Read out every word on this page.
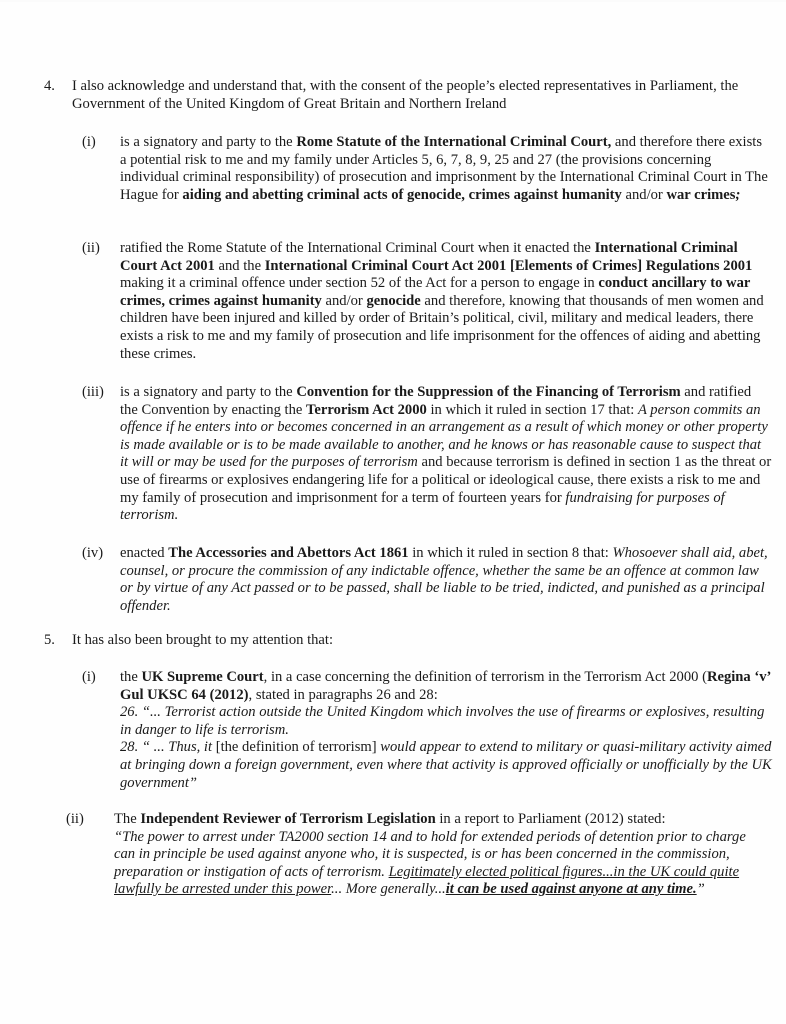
4. I also acknowledge and understand that, with the consent of the people’s elected representatives in Parliament, the Government of the United Kingdom of Great Britain and Northern Ireland
(i) is a signatory and party to the Rome Statute of the International Criminal Court, and therefore there exists a potential risk to me and my family under Articles 5, 6, 7, 8, 9, 25 and 27 (the provisions concerning individual criminal responsibility) of prosecution and imprisonment by the International Criminal Court in The Hague for aiding and abetting criminal acts of genocide, crimes against humanity and/or war crimes;
(ii) ratified the Rome Statute of the International Criminal Court when it enacted the International Criminal Court Act 2001 and the International Criminal Court Act 2001 [Elements of Crimes] Regulations 2001 making it a criminal offence under section 52 of the Act for a person to engage in conduct ancillary to war crimes, crimes against humanity and/or genocide and therefore, knowing that thousands of men women and children have been injured and killed by order of Britain’s political, civil, military and medical leaders, there exists a risk to me and my family of prosecution and life imprisonment for the offences of aiding and abetting these crimes.
(iii) is a signatory and party to the Convention for the Suppression of the Financing of Terrorism and ratified the Convention by enacting the Terrorism Act 2000 in which it ruled in section 17 that: A person commits an offence if he enters into or becomes concerned in an arrangement as a result of which money or other property is made available or is to be made available to another, and he knows or has reasonable cause to suspect that it will or may be used for the purposes of terrorism and because terrorism is defined in section 1 as the threat or use of firearms or explosives endangering life for a political or ideological cause, there exists a risk to me and my family of prosecution and imprisonment for a term of fourteen years for fundraising for purposes of terrorism.
(iv) enacted The Accessories and Abettors Act 1861 in which it ruled in section 8 that: Whosoever shall aid, abet, counsel, or procure the commission of any indictable offence, whether the same be an offence at common law or by virtue of any Act passed or to be passed, shall be liable to be tried, indicted, and punished as a principal offender.
5. It has also been brought to my attention that:
(i) the UK Supreme Court, in a case concerning the definition of terrorism in the Terrorism Act 2000 (Regina ‘v’ Gul UKSC 64 (2012), stated in paragraphs 26 and 28:
26. “... Terrorist action outside the United Kingdom which involves the use of firearms or explosives, resulting in danger to life is terrorism.
28. “ ... Thus, it [the definition of terrorism] would appear to extend to military or quasi-military activity aimed at bringing down a foreign government, even where that activity is approved officially or unofficially by the UK government”
(ii) The Independent Reviewer of Terrorism Legislation in a report to Parliament (2012) stated:
“The power to arrest under TA2000 section 14 and to hold for extended periods of detention prior to charge can in principle be used against anyone who, it is suspected, is or has been concerned in the commission, preparation or instigation of acts of terrorism. Legitimately elected political figures...in the UK could quite lawfully be arrested under this power... More generally...it can be used against anyone at any time.”
